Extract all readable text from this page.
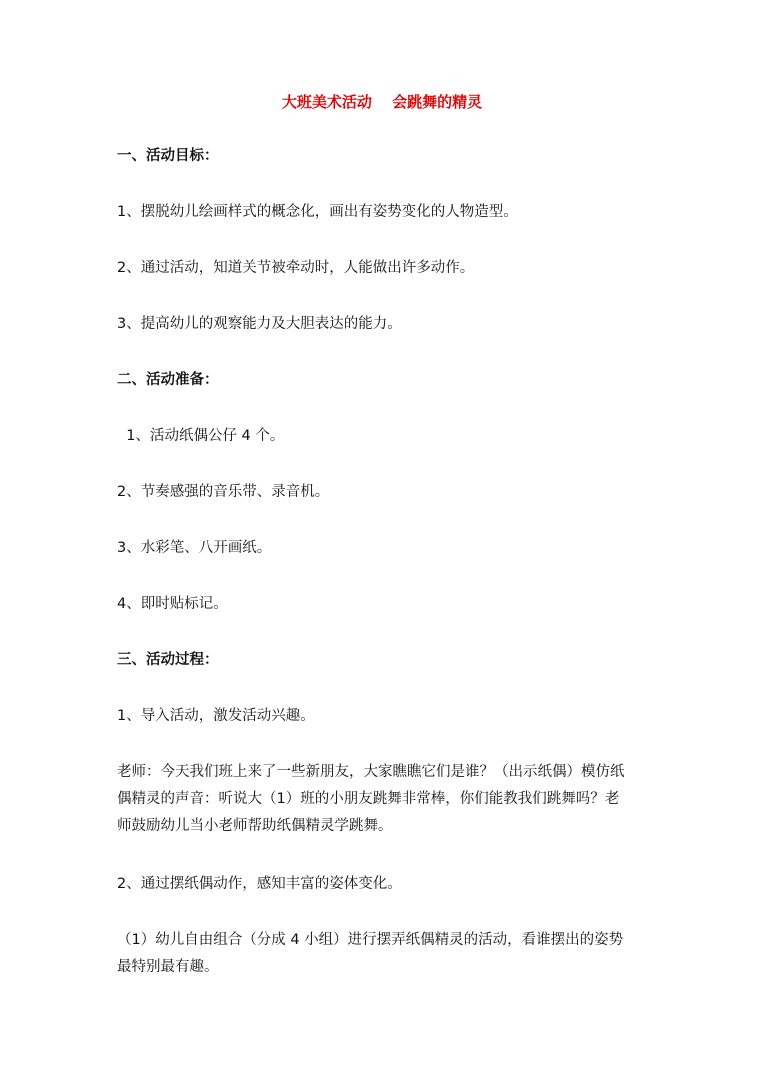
大班美术活动　 会跳舞的精灵
一、活动目标：
1、摆脱幼儿绘画样式的概念化，画出有姿势变化的人物造型。
2、通过活动，知道关节被牵动时，人能做出许多动作。
3、提高幼儿的观察能力及大胆表达的能力。
二、活动准备：
1、活动纸偶公仔 4 个。
2、节奏感强的音乐带、录音机。
3、水彩笔、八开画纸。
4、即时贴标记。
三、活动过程：
1、导入活动，激发活动兴趣。
老师：今天我们班上来了一些新朋友，大家瞧瞧它们是谁？（出示纸偶）模仿纸
偶精灵的声音：听说大（1）班的小朋友跳舞非常棒，你们能教我们跳舞吗？老
师鼓励幼儿当小老师帮助纸偶精灵学跳舞。
2、通过摆纸偶动作，感知丰富的姿体变化。
（1）幼儿自由组合（分成 4 小组）进行摆弄纸偶精灵的活动，看谁摆出的姿势
最特别最有趣。
